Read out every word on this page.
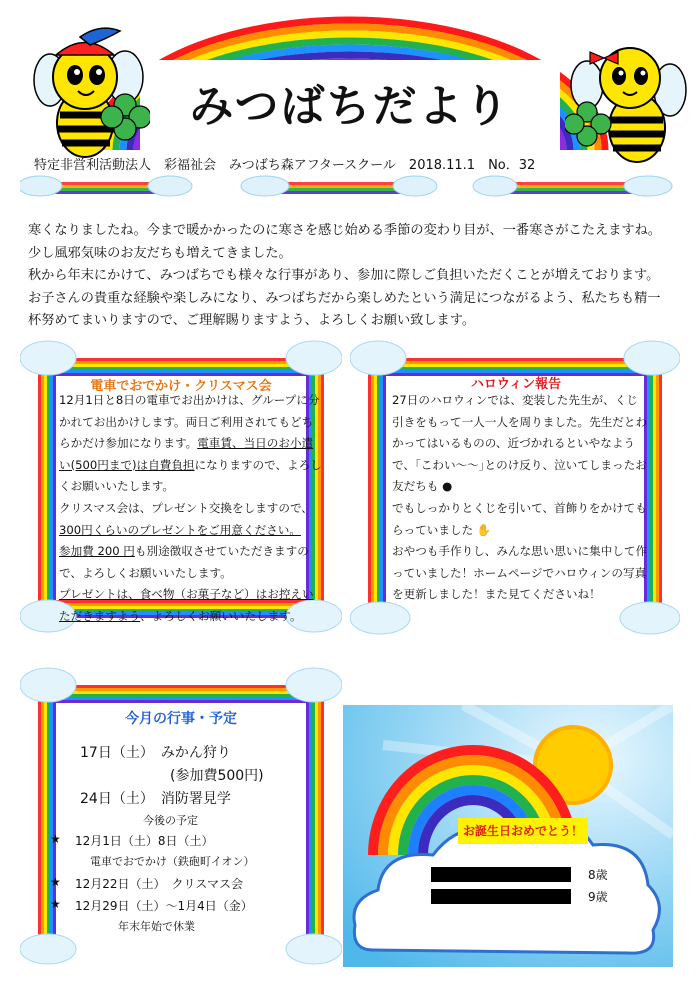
みつばちだより
特定非営利活動法人　彩福祉会　みつばち森アフタースクール　2018.11.1　No．32

寒くなりましたね。今まで暖かかったのに寒さを感じ始める季節の変わり目が、一番寒さがこたえますね。少し風邪気味のお友だちも増えてきました。

秋から年末にかけて、みつばちでも様々な行事があり、参加に際しご負担いただくことが増えております。お子さんの貴重な経験や楽しみになり、みつばちだから楽しめたという満足につながるよう、私たちも精一杯努めてまいりますので、ご理解賜りますよう、よろしくお願い致します。

電車でおでかけ・クリスマス会
12月1日と8日の電車でお出かけは、グループに分かれてお出かけします。両日ご利用されてもどちらかだけ参加になります。電車賃、当日のお小遣い(500円まで)は自費負担になりますので、よろしくお願いいたします。
クリスマス会は、プレゼント交換をしますので、
300円くらいのプレゼントをご用意ください。
参加費 200 円も別途徴収させていただきますので、よろしくお願いいたします。
プレゼントは、食べ物（お菓子など）はお控えいただきますよう、よろしくお願いいたします。
ハロウィン報告
27日のハロウィンでは、変装した先生が、くじ引きをもって一人一人を周りました。先生だとわかってはいるものの、近づかれるといやなようで、｢こわい〜〜｣とのけ反り、泣いてしまったお友だちも ●
でもしっかりとくじを引いて、首飾りをかけてもらっていました ✋
おやつも手作りし、みんな思い思いに集中して作っていました！ホームページでハロウィンの写真を更新しました！また見てくださいね！
今月の行事・予定
17日（土）　みかん狩り
(参加費500円)
24日（土）　消防署見学
今後の予定
★ 12月1日（土）8日（土）
電車でおでかけ（鉄砲町イオン）
★ 12月22日（土）　クリスマス会
★ 12月29日（土）～1月4日（金）
年末年始で休業
お誕生日おめでとう！
8歳
9歳
